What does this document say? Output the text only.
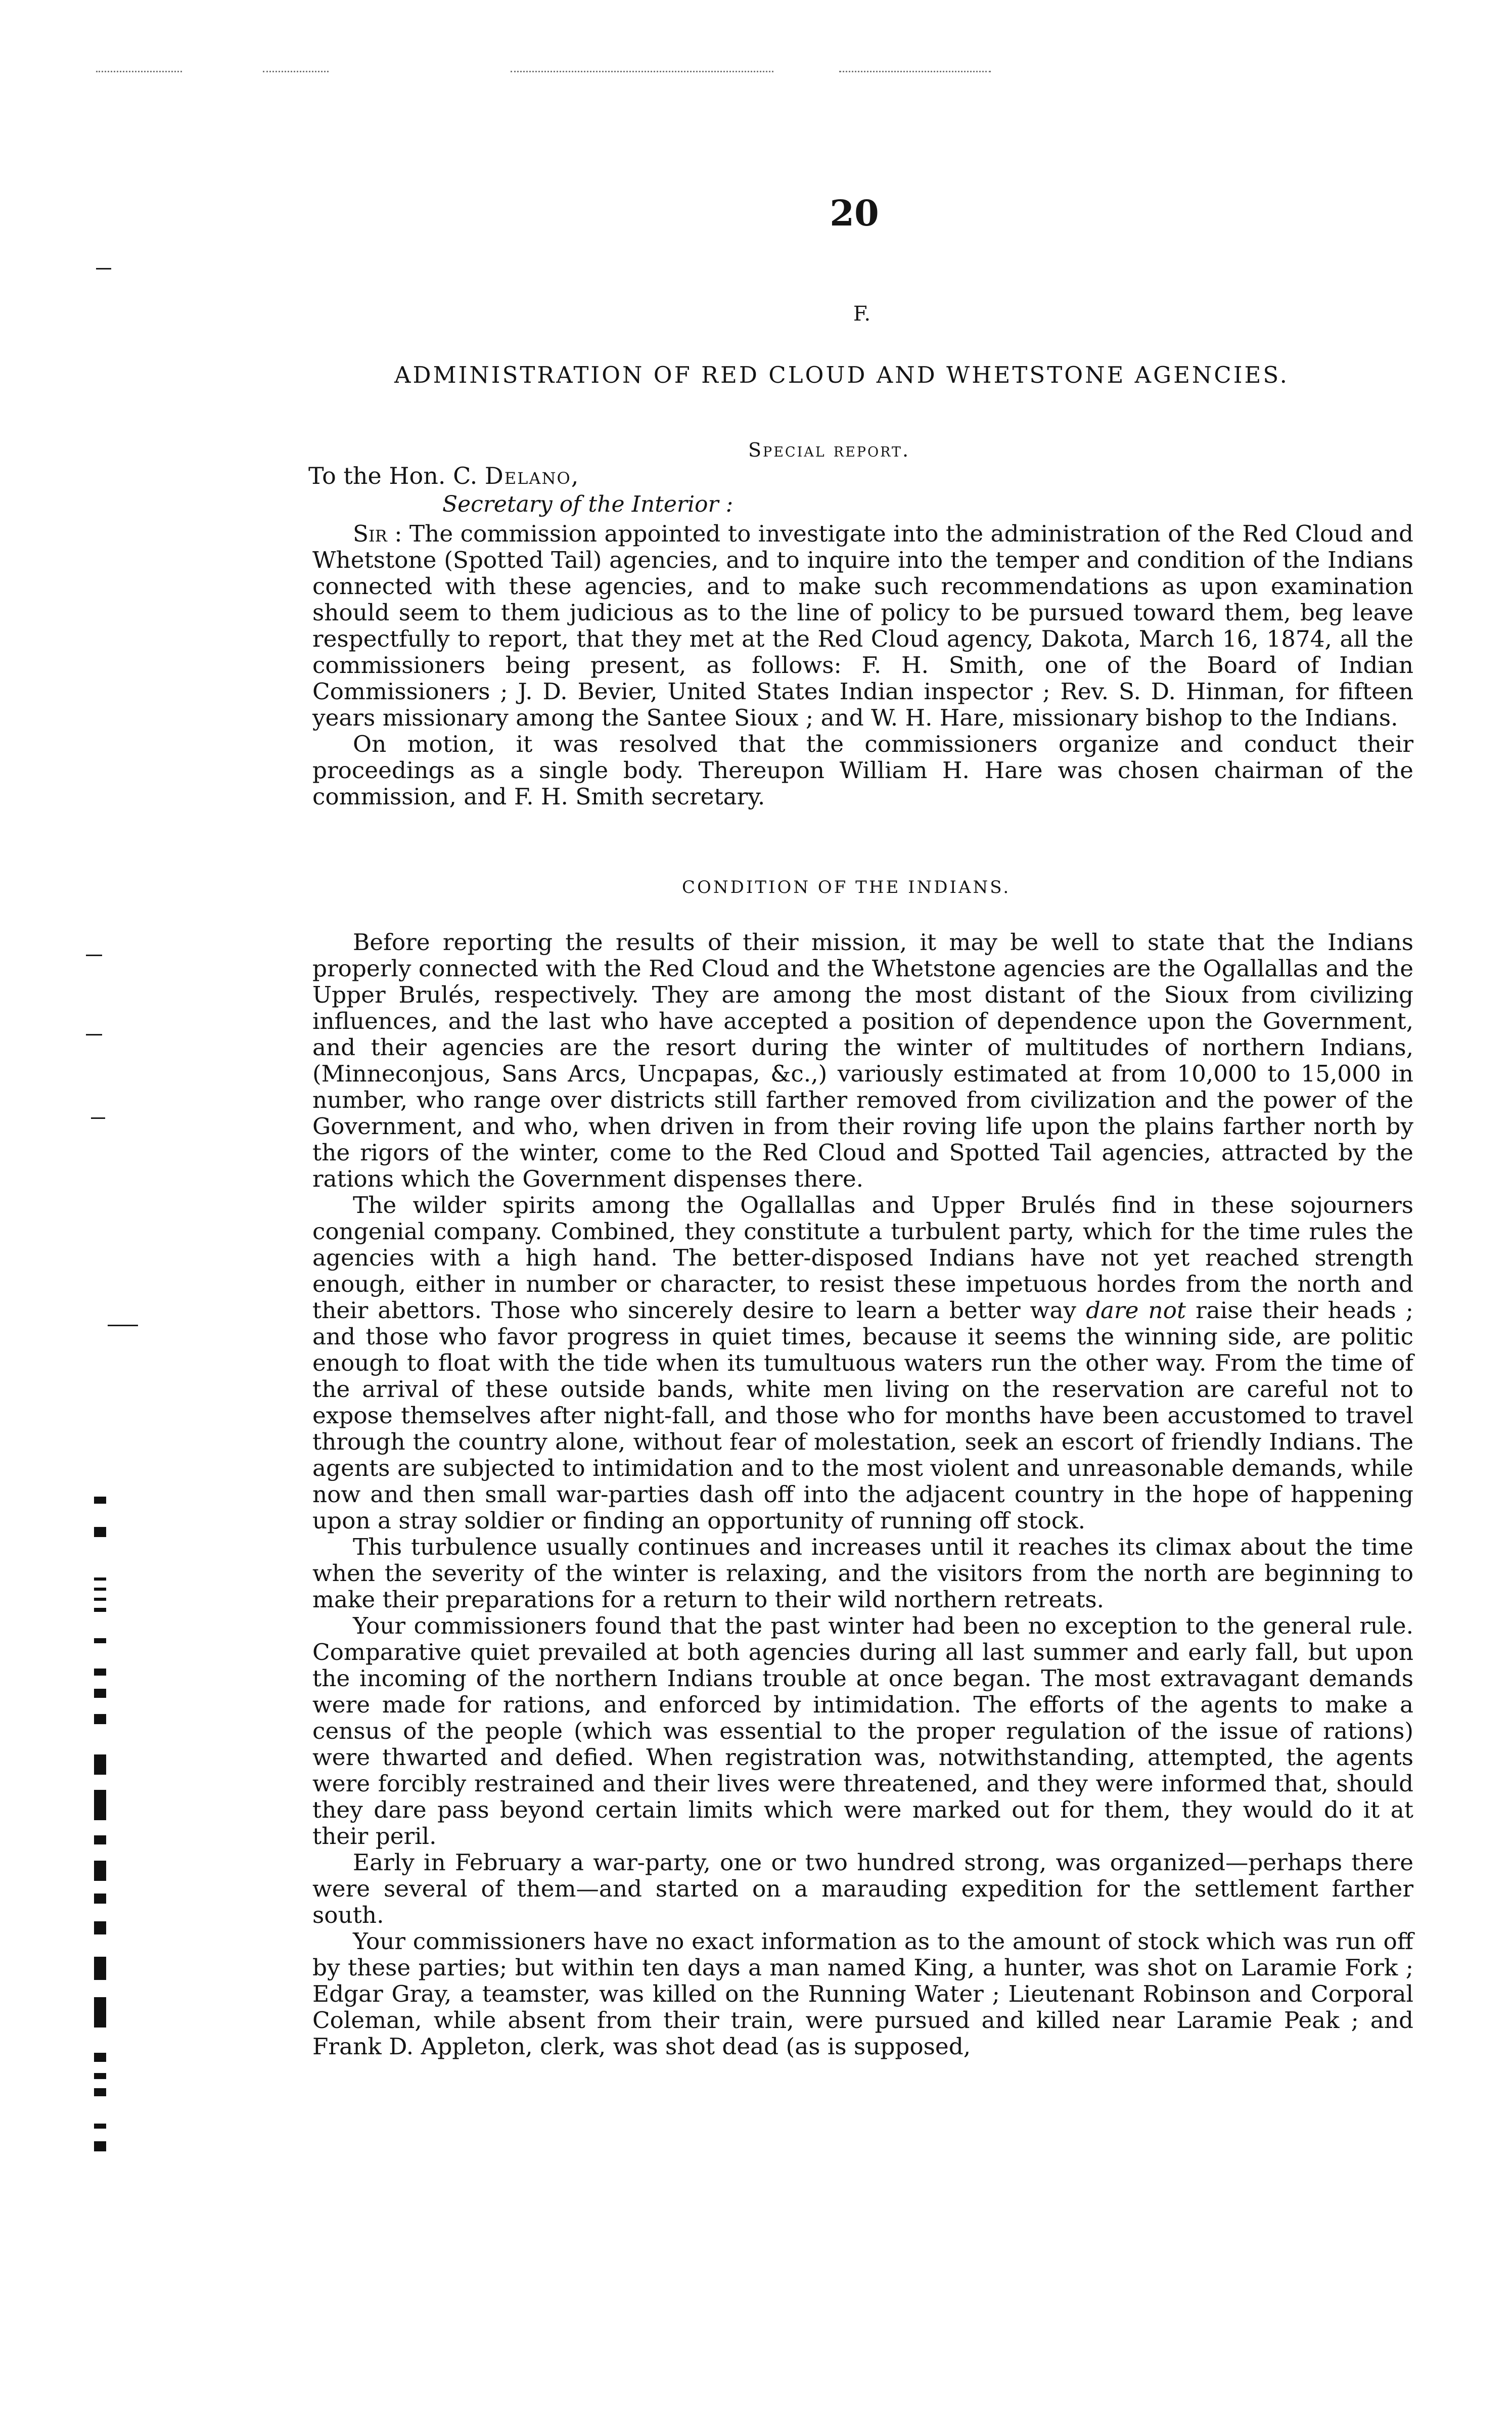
20
F.
ADMINISTRATION OF RED CLOUD AND WHETSTONE AGENCIES.
Special report.
To the Hon. C. Delano,
Secretary of the Interior :

Sir : The commission appointed to investigate into the administration of the Red Cloud and Whetstone (Spotted Tail) agencies, and to inquire into the temper and condition of the Indians connected with these agencies, and to make such recommendations as upon examination should seem to them judicious as to the line of policy to be pursued toward them, beg leave respectfully to report, that they met at the Red Cloud agency, Dakota, March 16, 1874, all the commissioners being present, as follows: F. H. Smith, one of the Board of Indian Commissioners ; J. D. Bevier, United States Indian inspector ; Rev. S. D. Hinman, for fifteen years missionary among the Santee Sioux ; and W. H. Hare, missionary bishop to the Indians.

On motion, it was resolved that the commissioners organize and conduct their proceedings as a single body. Thereupon William H. Hare was chosen chairman of the commission, and F. H. Smith secretary.

CONDITION OF THE INDIANS.

Before reporting the results of their mission, it may be well to state that the Indians properly connected with the Red Cloud and the Whetstone agencies are the Ogallallas and the Upper Brulés, respectively. They are among the most distant of the Sioux from civilizing influences, and the last who have accepted a position of dependence upon the Government, and their agencies are the resort during the winter of multitudes of northern Indians, (Minneconjous, Sans Arcs, Uncpapas, &c.,) variously estimated at from 10,000 to 15,000 in number, who range over districts still farther removed from civilization and the power of the Government, and who, when driven in from their roving life upon the plains farther north by the rigors of the winter, come to the Red Cloud and Spotted Tail agencies, attracted by the rations which the Government dispenses there.

The wilder spirits among the Ogallallas and Upper Brulés find in these sojourners congenial company. Combined, they constitute a turbulent party, which for the time rules the agencies with a high hand. The better-disposed Indians have not yet reached strength enough, either in number or character, to resist these impetuous hordes from the north and their abettors. Those who sincerely desire to learn a better way dare not raise their heads ; and those who favor progress in quiet times, because it seems the winning side, are politic enough to float with the tide when its tumultuous waters run the other way. From the time of the arrival of these outside bands, white men living on the reservation are careful not to expose themselves after night-fall, and those who for months have been accustomed to travel through the country alone, without fear of molestation, seek an escort of friendly Indians. The agents are subjected to intimidation and to the most violent and unreasonable demands, while now and then small war-parties dash off into the adjacent country in the hope of happening upon a stray soldier or finding an opportunity of running off stock.

This turbulence usually continues and increases until it reaches its climax about the time when the severity of the winter is relaxing, and the visitors from the north are beginning to make their preparations for a return to their wild northern retreats.

Your commissioners found that the past winter had been no exception to the general rule. Comparative quiet prevailed at both agencies during all last summer and early fall, but upon the incoming of the northern Indians trouble at once began. The most extravagant demands were made for rations, and enforced by intimidation. The efforts of the agents to make a census of the people (which was essential to the proper regulation of the issue of rations) were thwarted and defied. When registration was, notwithstanding, attempted, the agents were forcibly restrained and their lives were threatened, and they were informed that, should they dare pass beyond certain limits which were marked out for them, they would do it at their peril.

Early in February a war-party, one or two hundred strong, was organized—perhaps there were several of them—and started on a marauding expedition for the settlement farther south.

Your commissioners have no exact information as to the amount of stock which was run off by these parties; but within ten days a man named King, a hunter, was shot on Laramie Fork ; Edgar Gray, a teamster, was killed on the Running Water ; Lieutenant Robinson and Corporal Coleman, while absent from their train, were pursued and killed near Laramie Peak ; and Frank D. Appleton, clerk, was shot dead (as is supposed,
